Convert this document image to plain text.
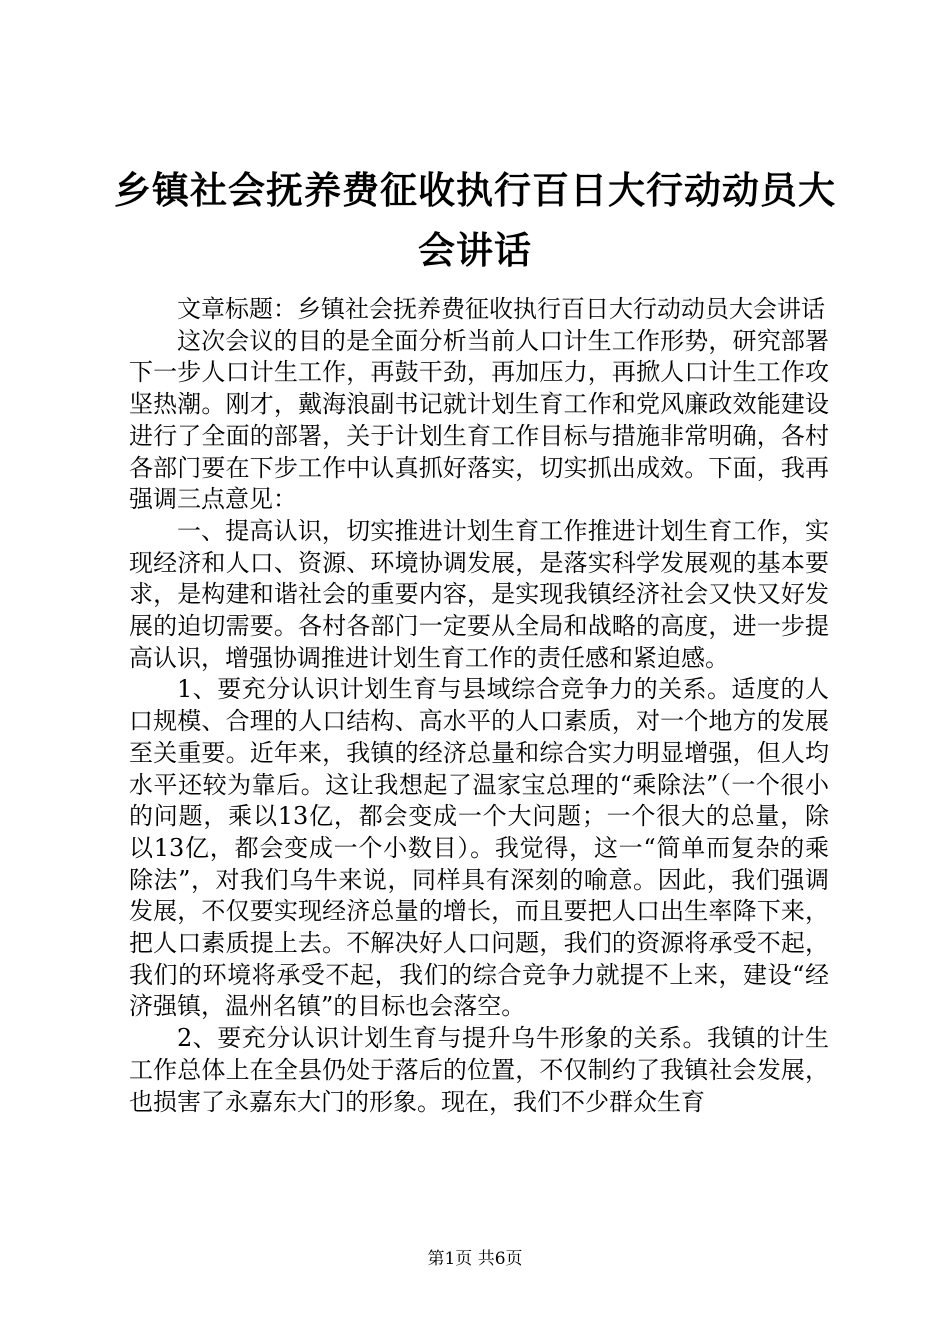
乡镇社会抚养费征收执行百日大行动动员大会讲话

文章标题：乡镇社会抚养费征收执行百日大行动动员大会讲话

这次会议的目的是全面分析当前人口计生工作形势，研究部署下一步人口计生工作，再鼓干劲，再加压力，再掀人口计生工作攻坚热潮。刚才，戴海浪副书记就计划生育工作和党风廉政效能建设进行了全面的部署，关于计划生育工作目标与措施非常明确，各村各部门要在下步工作中认真抓好落实，切实抓出成效。下面，我再强调三点意见：

一、提高认识，切实推进计划生育工作推进计划生育工作，实现经济和人口、资源、环境协调发展，是落实科学发展观的基本要求，是构建和谐社会的重要内容，是实现我镇经济社会又快又好发展的迫切需要。各村各部门一定要从全局和战略的高度，进一步提高认识，增强协调推进计划生育工作的责任感和紧迫感。

1、要充分认识计划生育与县域综合竞争力的关系。适度的人口规模、合理的人口结构、高水平的人口素质，对一个地方的发展至关重要。近年来，我镇的经济总量和综合实力明显增强，但人均水平还较为靠后。这让我想起了温家宝总理的“乘除法”（一个很小的问题，乘以13亿，都会变成一个大问题；一个很大的总量，除以13亿，都会变成一个小数目）。我觉得，这一“简单而复杂的乘除法”，对我们乌牛来说，同样具有深刻的喻意。因此，我们强调发展，不仅要实现经济总量的增长，而且要把人口出生率降下来，把人口素质提上去。不解决好人口问题，我们的资源将承受不起，我们的环境将承受不起，我们的综合竞争力就提不上来，建设“经济强镇，温州名镇”的目标也会落空。

2、要充分认识计划生育与提升乌牛形象的关系。我镇的计生工作总体上在全县仍处于落后的位置，不仅制约了我镇社会发展，也损害了永嘉东大门的形象。现在，我们不少群众生育

第1页 共6页
